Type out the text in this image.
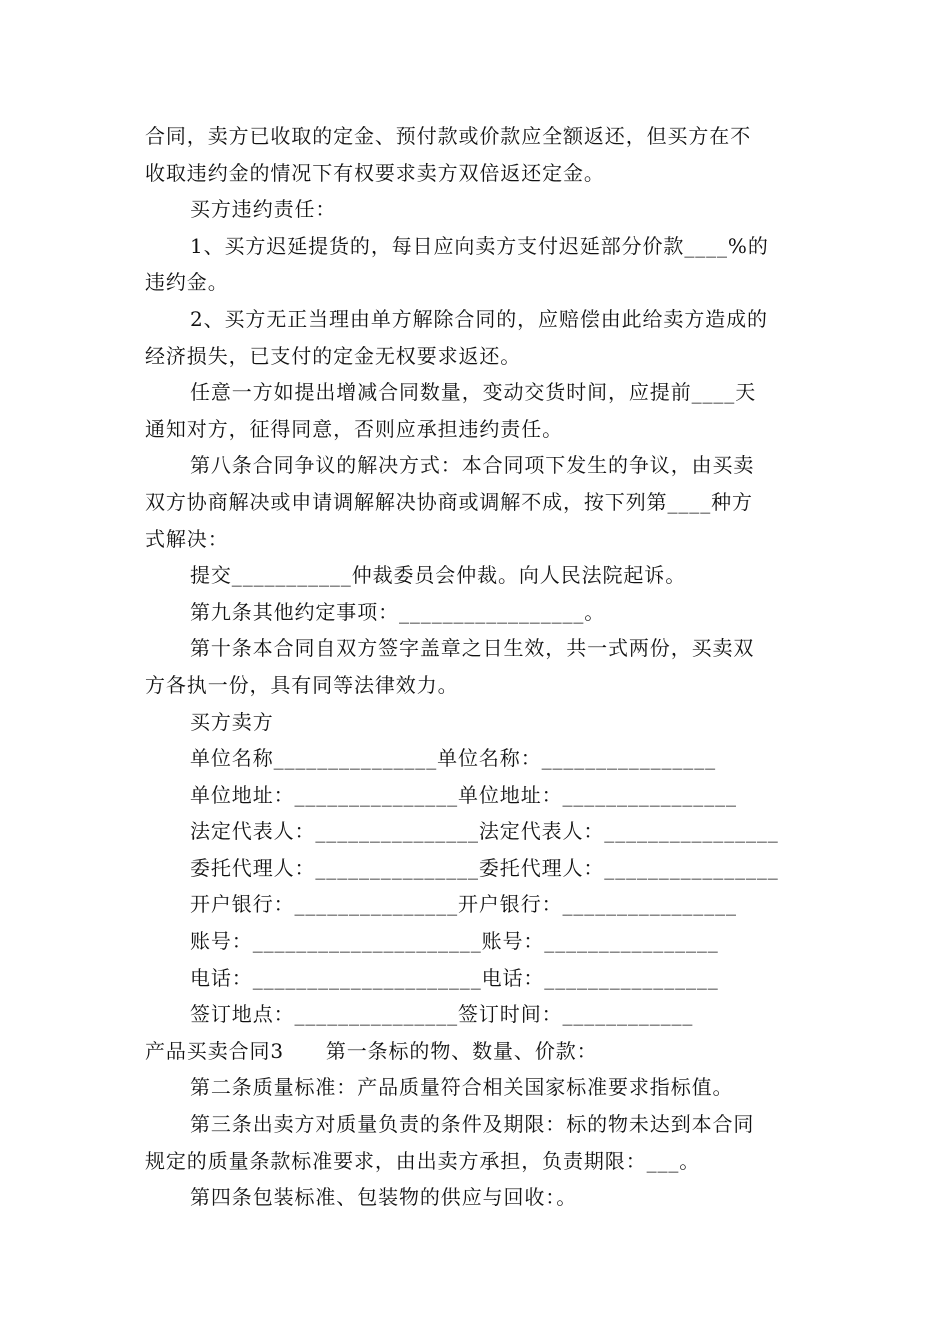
合同，卖方已收取的定金、预付款或价款应全额返还，但买方在不
收取违约金的情况下有权要求卖方双倍返还定金。
买方违约责任：
1、买方迟延提货的，每日应向卖方支付迟延部分价款____%的
违约金。
2、买方无正当理由单方解除合同的，应赔偿由此给卖方造成的
经济损失，已支付的定金无权要求返还。
任意一方如提出增减合同数量，变动交货时间，应提前____天
通知对方，征得同意，否则应承担违约责任。
第八条合同争议的解决方式：本合同项下发生的争议，由买卖
双方协商解决或申请调解解决协商或调解不成，按下列第____种方
式解决：
提交___________仲裁委员会仲裁。向人民法院起诉。
第九条其他约定事项：_________________。
第十条本合同自双方签字盖章之日生效，共一式两份，买卖双
方各执一份，具有同等法律效力。
买方卖方
单位名称_______________单位名称：________________
单位地址：_______________单位地址：________________
法定代表人：_______________法定代表人：________________
委托代理人：_______________委托代理人：________________
开户银行：_______________开户银行：________________
账号：_____________________账号：________________
电话：_____________________电话：________________
签订地点：_______________签订时间：____________
产品买卖合同3　　第一条标的物、数量、价款：
第二条质量标准：产品质量符合相关国家标准要求指标值。
第三条出卖方对质量负责的条件及期限：标的物未达到本合同
规定的质量条款标准要求，由出卖方承担，负责期限：___。
第四条包装标准、包装物的供应与回收：。
